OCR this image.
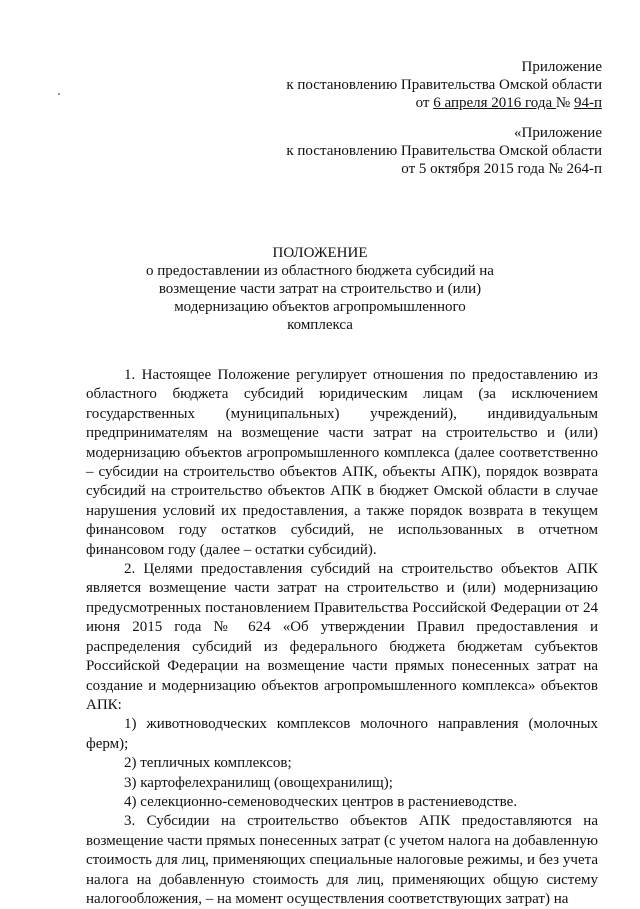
Приложение
к постановлению Правительства Омской области
от 6 апреля 2016 года № 94-п
«Приложение
к постановлению Правительства Омской области
от 5 октября 2015 года № 264-п
ПОЛОЖЕНИЕ
о предоставлении из областного бюджета субсидий на
возмещение части затрат на строительство и (или)
модернизацию объектов агропромышленного
комплекса

1. Настоящее Положение регулирует отношения по предоставлению из областного бюджета субсидий юридическим лицам (за исключением государственных (муниципальных) учреждений), индивидуальным предпринимателям на возмещение части затрат на строительство и (или) модернизацию объектов агропромышленного комплекса (далее соответственно – субсидии на строительство объектов АПК, объекты АПК), порядок возврата субсидий на строительство объектов АПК в бюджет Омской области в случае нарушения условий их предоставления, а также порядок возврата в текущем финансовом году остатков субсидий, не использованных в отчетном финансовом году (далее – остатки субсидий).

2. Целями предоставления субсидий на строительство объектов АПК является возмещение части затрат на строительство и (или) модернизацию предусмотренных постановлением Правительства Российской Федерации от 24 июня 2015 года № 624 «Об утверждении Правил предоставления и распределения субсидий из федерального бюджета бюджетам субъектов Российской Федерации на возмещение части прямых понесенных затрат на создание и модернизацию объектов агропромышленного комплекса» объектов АПК:

1) животноводческих комплексов молочного направления (молочных ферм);

2) тепличных комплексов;

3) картофелехранилищ (овощехранилищ);

4) селекционно-семеноводческих центров в растениеводстве.

3. Субсидии на строительство объектов АПК предоставляются на возмещение части прямых понесенных затрат (с учетом налога на добавленную стоимость для лиц, применяющих специальные налоговые режимы, и без учета налога на добавленную стоимость для лиц, применяющих общую систему налогообложения, – на момент осуществления соответствующих затрат) на
